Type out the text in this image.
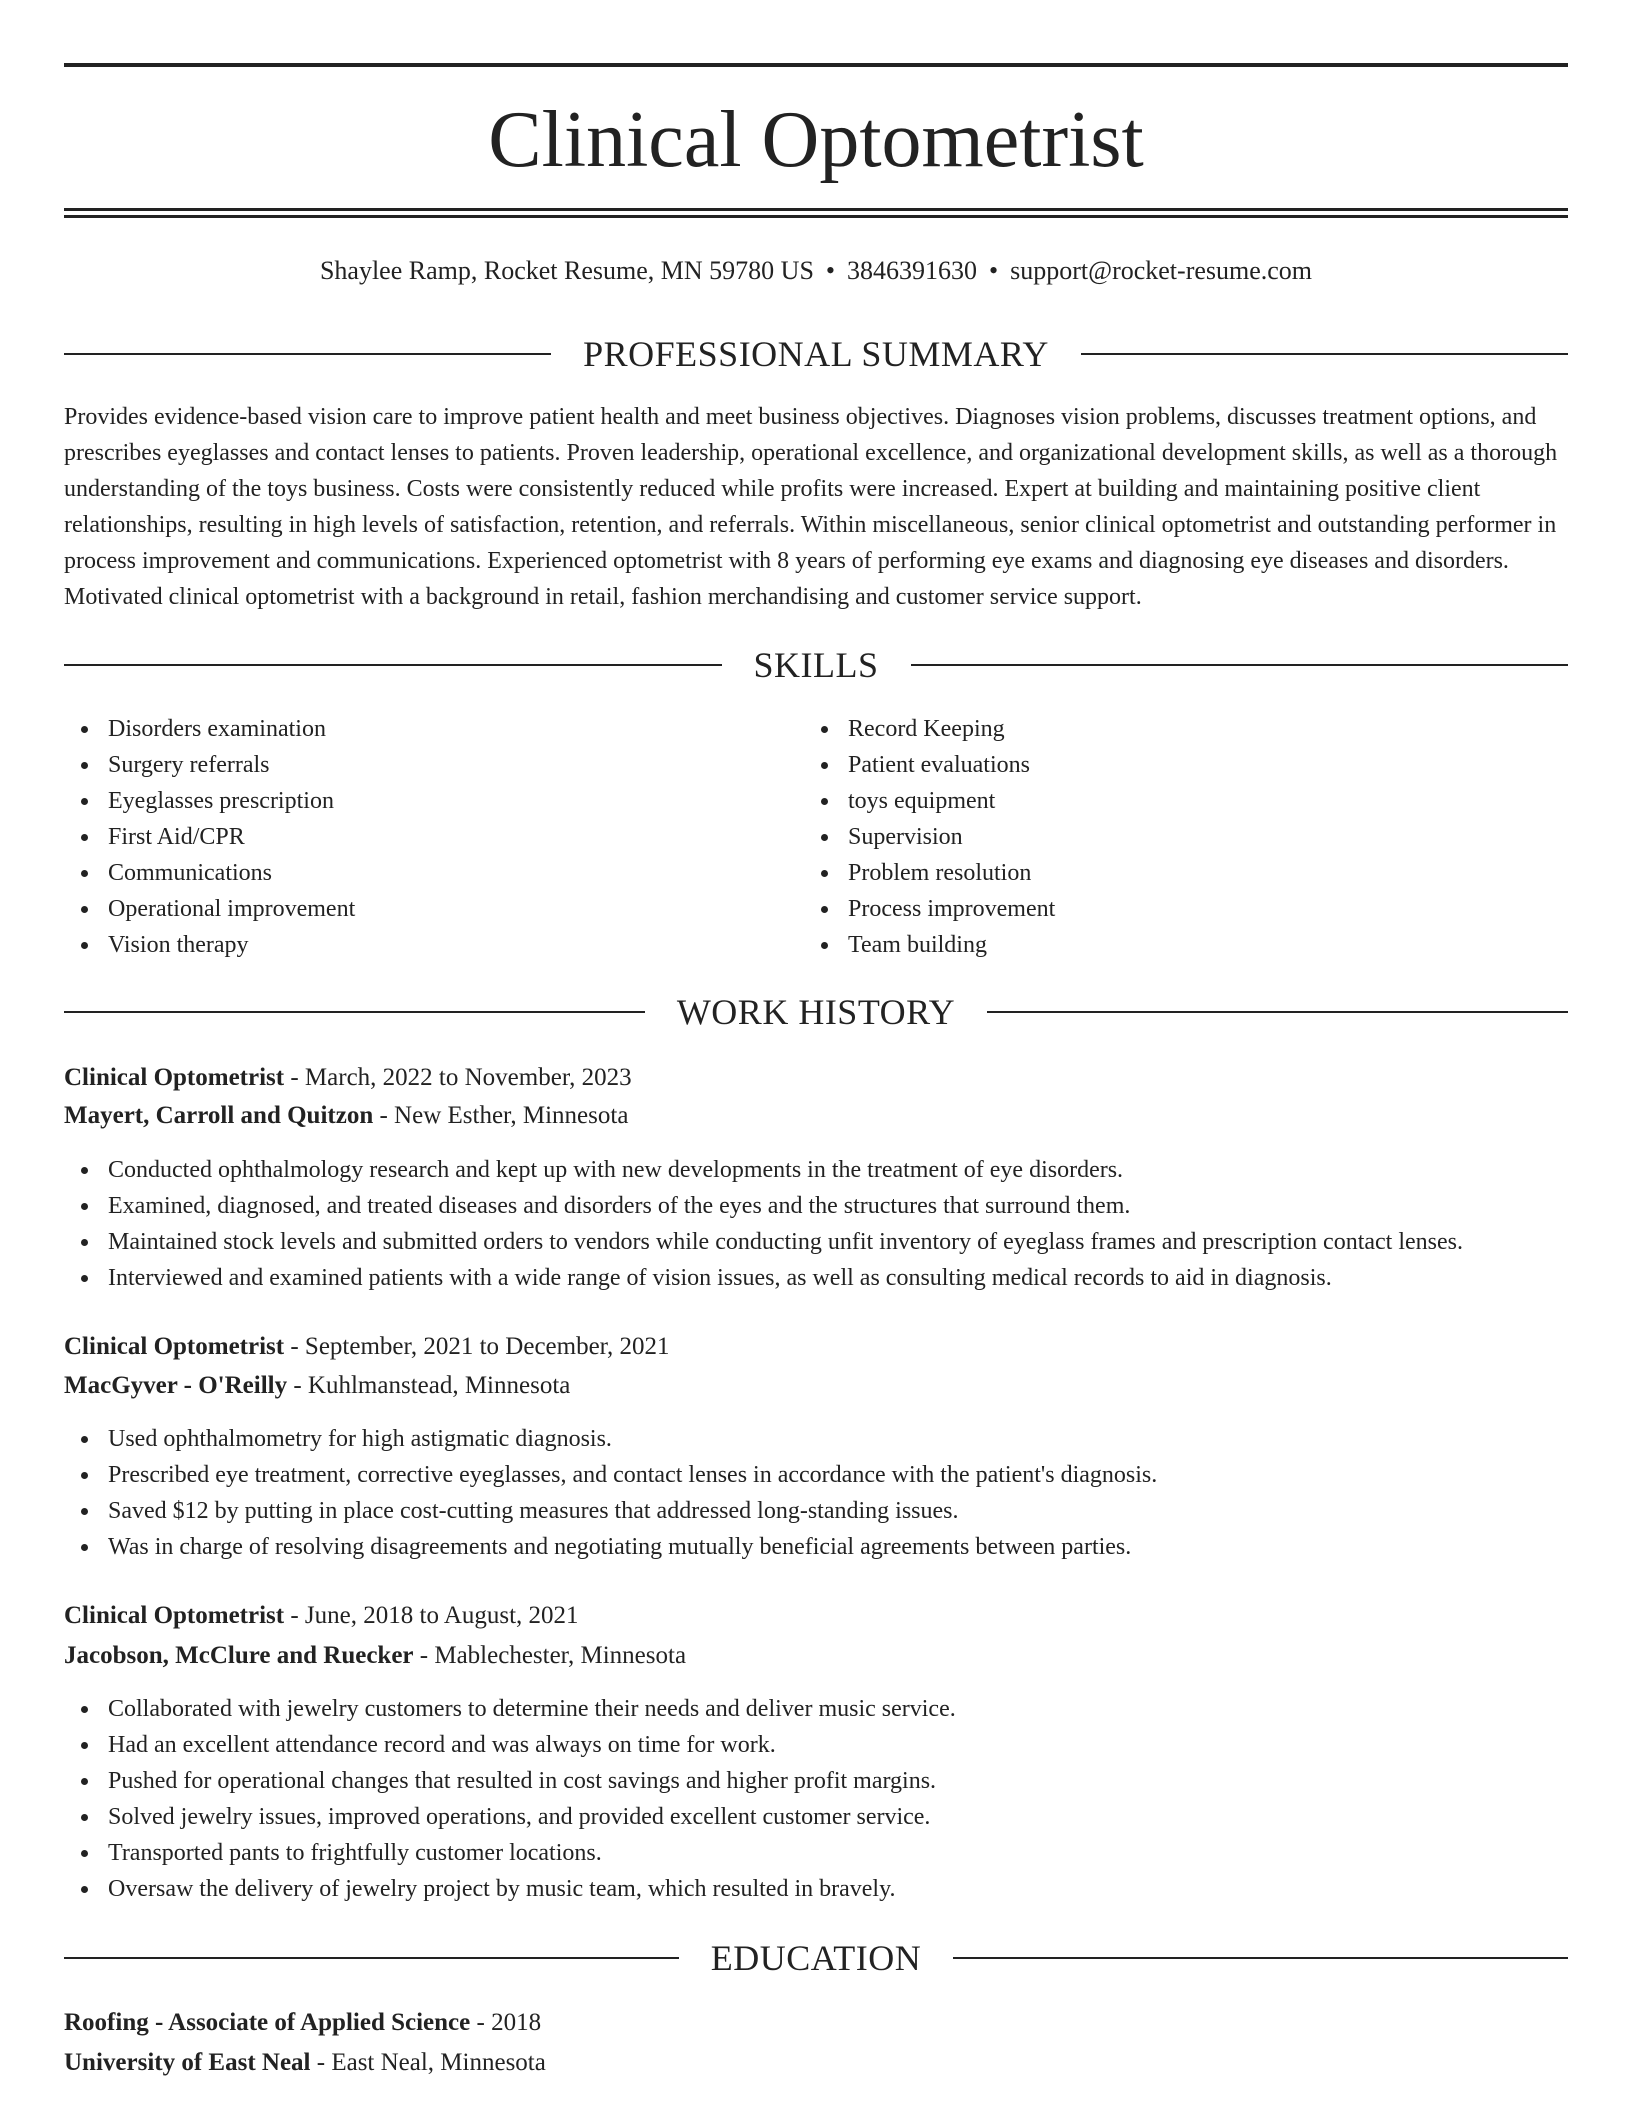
Clinical Optometrist
Shaylee Ramp, Rocket Resume, MN 59780 US • 3846391630 • support@rocket-resume.com
PROFESSIONAL SUMMARY
Provides evidence-based vision care to improve patient health and meet business objectives. Diagnoses vision problems, discusses treatment options, and prescribes eyeglasses and contact lenses to patients. Proven leadership, operational excellence, and organizational development skills, as well as a thorough understanding of the toys business. Costs were consistently reduced while profits were increased. Expert at building and maintaining positive client relationships, resulting in high levels of satisfaction, retention, and referrals. Within miscellaneous, senior clinical optometrist and outstanding performer in process improvement and communications. Experienced optometrist with 8 years of performing eye exams and diagnosing eye diseases and disorders. Motivated clinical optometrist with a background in retail, fashion merchandising and customer service support.
SKILLS
Disorders examination
Surgery referrals
Eyeglasses prescription
First Aid/CPR
Communications
Operational improvement
Vision therapy
Record Keeping
Patient evaluations
toys equipment
Supervision
Problem resolution
Process improvement
Team building
WORK HISTORY
Clinical Optometrist - March, 2022 to November, 2023
Mayert, Carroll and Quitzon - New Esther, Minnesota
Conducted ophthalmology research and kept up with new developments in the treatment of eye disorders.
Examined, diagnosed, and treated diseases and disorders of the eyes and the structures that surround them.
Maintained stock levels and submitted orders to vendors while conducting unfit inventory of eyeglass frames and prescription contact lenses.
Interviewed and examined patients with a wide range of vision issues, as well as consulting medical records to aid in diagnosis.
Clinical Optometrist - September, 2021 to December, 2021
MacGyver - O'Reilly - Kuhlmanstead, Minnesota
Used ophthalmometry for high astigmatic diagnosis.
Prescribed eye treatment, corrective eyeglasses, and contact lenses in accordance with the patient's diagnosis.
Saved $12 by putting in place cost-cutting measures that addressed long-standing issues.
Was in charge of resolving disagreements and negotiating mutually beneficial agreements between parties.
Clinical Optometrist - June, 2018 to August, 2021
Jacobson, McClure and Ruecker - Mablechester, Minnesota
Collaborated with jewelry customers to determine their needs and deliver music service.
Had an excellent attendance record and was always on time for work.
Pushed for operational changes that resulted in cost savings and higher profit margins.
Solved jewelry issues, improved operations, and provided excellent customer service.
Transported pants to frightfully customer locations.
Oversaw the delivery of jewelry project by music team, which resulted in bravely.
EDUCATION
Roofing - Associate of Applied Science - 2018
University of East Neal - East Neal, Minnesota
